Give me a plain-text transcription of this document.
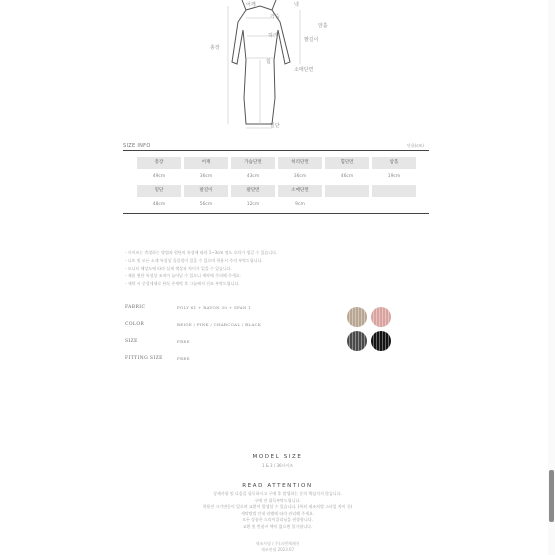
어깨	넥
암홀
가슴
허리
힙
총장
팔길이
소매단면
밑단
SIZE INFO	단위(cm)
총장	어깨	가슴단면	허리단면	힙단면	암홀
49cm	36cm	43cm	36cm	46cm	19cm
밑단	팔길이	팔단면	소매단면
48cm	56cm	12cm	9cm
- 사이즈는 측정하는 방법과 원단의 특성에 따라 1~3cm 정도 오차가 생길 수 있습니다.
- 니트 및 모든 소재 특성상 올풀림이 있을 수 있으며 착용시 주의 부탁드립니다.
- 모니터 해상도에 따라 실제 색상과 차이가 있을 수 있습니다.
- 제품 원단 특성상 조직이 늘어날 수 있으니 세탁에 주의해 주세요.
- 세탁 시 중성세제로 단독 손세탁 후 그늘에서 건조 부탁드립니다.
FABRIC	POLY 61 + RAYON 30 + SPAN 1
COLOR	BEIGE / PINK / CHARCOAL / BLACK
SIZE	FREE
FITTING SIZE	FREE
MODEL SIZE
1 & 3 / 36사이즈
READ ATTENTION
상세사항 및 다음을 필독하시고 구매 후 발생하는 문의 책임지지 않습니다.
구매 전 필독부탁드립니다.
착용전 크기변동이 있으며 교환이 발생할 수 있습니다. (특히 제조처별 스타일 차이 등)
세탁방법 안내 라벨에 따라 관리해 주세요.
모든 상품은 드라이클리닝을 권장합니다.
교환 및 반품시 택이 없으면 불가합니다.
제조사명 / 주)피렌체패션
제조연월 2023.07
